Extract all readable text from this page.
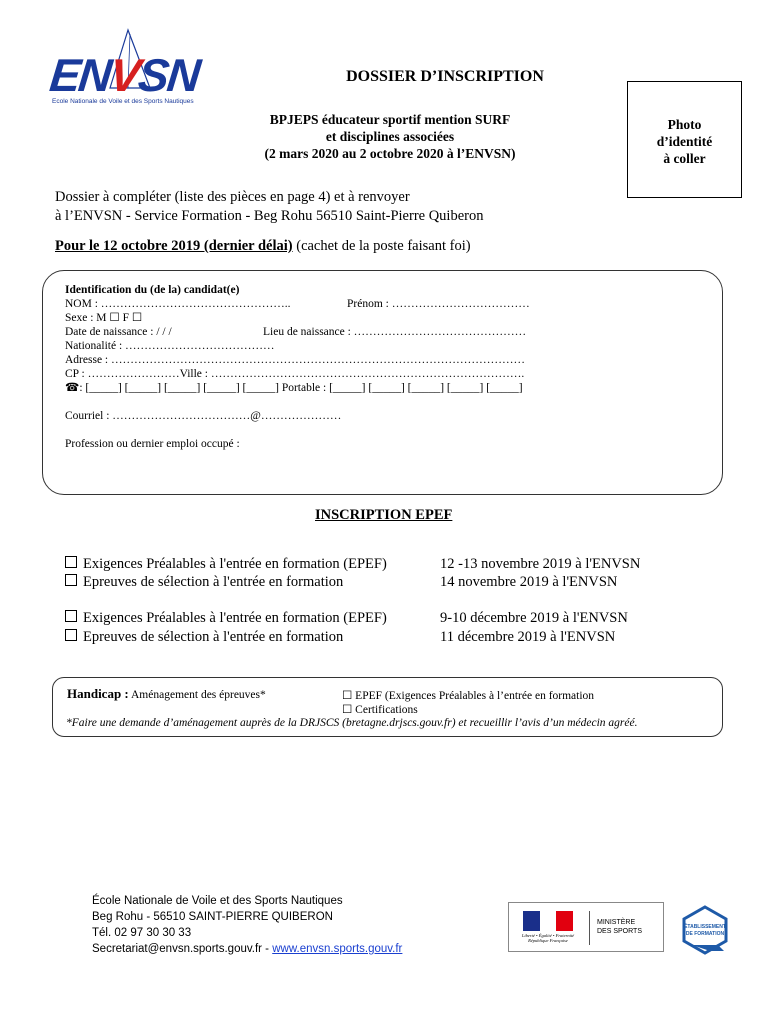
ENVSN
Ecole Nationale de Voile et des Sports Nautiques
DOSSIER D’INSCRIPTION
BPJEPS éducateur sportif mention SURF
et disciplines associées
(2 mars 2020 au 2 octobre 2020 à l’ENVSN)
Photo
d’identité
à coller
Dossier à compléter (liste des pièces en page 4) et à renvoyer
à l’ENVSN - Service Formation - Beg Rohu 56510 Saint-Pierre Quiberon
Pour le 12 octobre 2019 (dernier délai) (cachet de la poste faisant foi)
Identification du (de la) candidat(e)
NOM : …………………………………………..	Prénom : ………………………………
Sexe : M ☐ F ☐
Date de naissance : / / /	Lieu de naissance : ………………………………………
Nationalité : …………………………………
Adresse : ………………………………………………………………………………………………
CP : ……………………Ville : ……………………………………………………………………….
☎: [_____] [_____] [_____] [_____] [_____] Portable : [_____] [_____] [_____] [_____] [_____]
Courriel : ………………………………@…………………
Profession ou dernier emploi occupé :
INSCRIPTION EPEF
Exigences Préalables à l'entrée en formation (EPEF)	12 -13 novembre 2019 à l'ENVSN
Epreuves de sélection à l'entrée en formation	14 novembre 2019 à l'ENVSN
Exigences Préalables à l'entrée en formation (EPEF)	9-10 décembre 2019 à l'ENVSN
Epreuves de sélection à l'entrée en formation	11 décembre 2019 à l'ENVSN
Handicap : Aménagement des épreuves*	☐ EPEF (Exigences Préalables à l’entrée en formation
☐ Certifications
*Faire une demande d’aménagement auprès de la DRJSCS (bretagne.drjscs.gouv.fr) et recueillir l’avis d’un médecin agréé.
École Nationale de Voile et des Sports Nautiques
Beg Rohu - 56510 SAINT-PIERRE QUIBERON
Tél. 02 97 30 30 33
Secretariat@envsn.sports.gouv.fr - www.envsn.sports.gouv.fr
Liberté • Égalité • Fraternité
République Française
MINISTÈRE
DES SPORTS
ÉTABLISSEMENT
DE FORMATION
